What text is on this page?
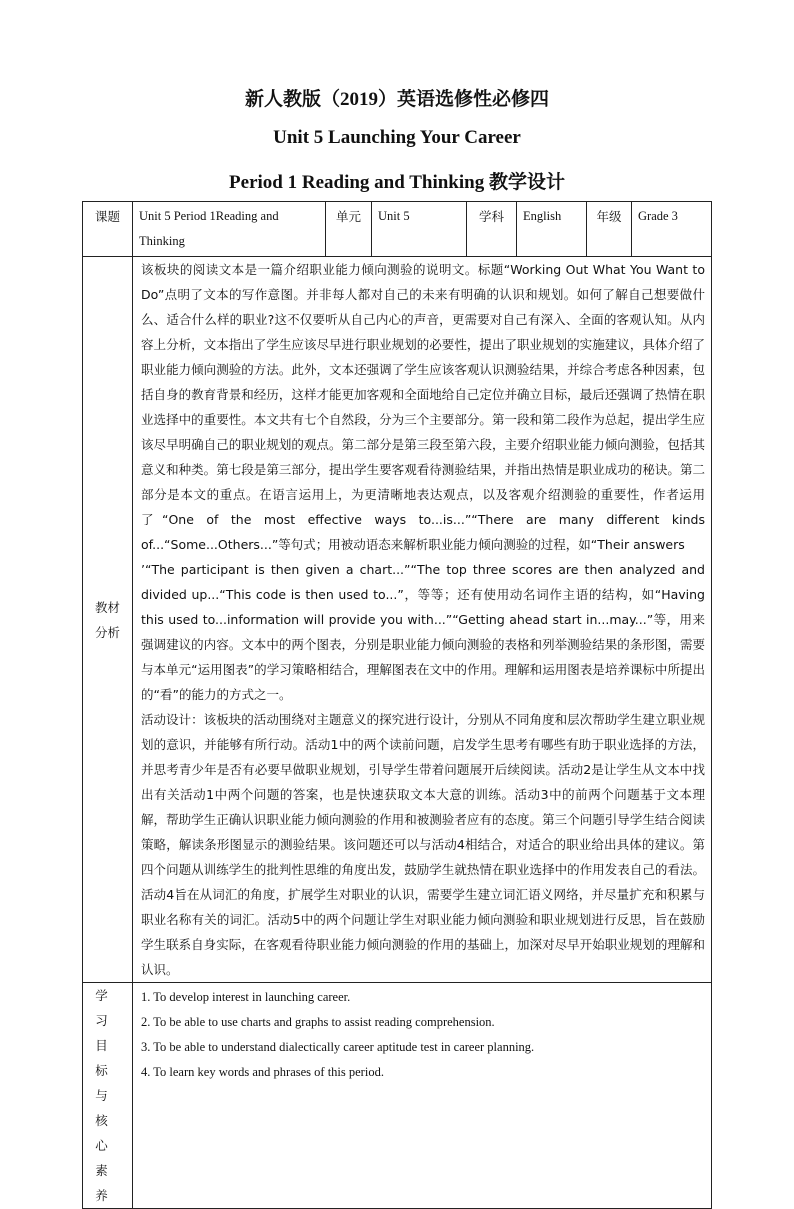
新人教版（2019）英语选修性必修四
Unit 5 Launching Your Career
Period 1 Reading and Thinking 教学设计
课题	Unit 5 Period 1Reading and Thinking	单元	Unit 5	学科	English	年级	Grade 3

教材分析	该板块的阅读文本是一篇介绍职业能力倾向测验的说明文。标题“Working Out What You Want to Do”点明了文本的写作意图。并非每人都对自己的未来有明确的认识和规划。如何了解自己想要做什么、适合什么样的职业?这不仅要听从自己内心的声音，更需要对自己有深入、全面的客观认知。从内容上分析，文本指出了学生应该尽早进行职业规划的必要性，提出了职业规划的实施建议，具体介绍了职业能力倾向测验的方法。此外，文本还强调了学生应该客观认识测验结果，并综合考虑各种因素，包括自身的教育背景和经历，这样才能更加客观和全面地给自己定位并确立目标，最后还强调了热情在职业选择中的重要性。本文共有七个自然段，分为三个主要部分。第一段和第二段作为总起，提出学生应该尽早明确自己的职业规划的观点。第二部分是第三段至第六段，主要介绍职业能力倾向测验，包括其意义和种类。第七段是第三部分，提出学生要客观看待测验结果，并指出热情是职业成功的秘诀。第二部分是本文的重点。在语言运用上，为更清晰地表达观点，以及客观介绍测验的重要性，作者运用了“One of the most effective ways to...is...”“There are many different kinds of...“Some...Others...”等句式；用被动语态来解析职业能力倾向测验的过程，如“Their answers

’“The participant is then given a chart...”“The top three scores are then analyzed and divided up...“This code is then used to...”，等等；还有使用动名词作主语的结构，如“Having this used to...information will provide you with...”“Getting ahead start in...may...”等，用来强调建议的内容。文本中的两个图表，分别是职业能力倾向测验的表格和列举测验结果的条形图，需要与本单元“运用图表”的学习策略相结合，理解图表在文中的作用。理解和运用图表是培养课标中所提出的“看”的能力的方式之一。

活动设计：该板块的活动围绕对主题意义的探究进行设计，分别从不同角度和层次帮助学生建立职业规划的意识，并能够有所行动。活动1中的两个读前问题，启发学生思考有哪些有助于职业选择的方法，并思考青少年是否有必要早做职业规划，引导学生带着问题展开后续阅读。活动2是让学生从文本中找出有关活动1中两个问题的答案，也是快速获取文本大意的训练。活动3中的前两个问题基于文本理解，帮助学生正确认识职业能力倾向测验的作用和被测验者应有的态度。第三个问题引导学生结合阅读策略，解读条形图显示的测验结果。该问题还可以与活动4相结合，对适合的职业给出具体的建议。第四个问题从训练学生的批判性思维的角度出发，鼓励学生就热情在职业选择中的作用发表自己的看法。活动4旨在从词汇的角度，扩展学生对职业的认识，需要学生建立词汇语义网络，并尽量扩充和积累与职业名称有关的词汇。活动5中的两个问题让学生对职业能力倾向测验和职业规划进行反思，旨在鼓励学生联系自身实际，在客观看待职业能力倾向测验的作用的基础上，加深对尽早开始职业规划的理解和认识。						

学习目标与核心素养	1. To develop interest in launching career.
2. To be able to use charts and graphs to assist reading comprehension.
3. To be able to understand dialectically career aptitude test in career planning.
4. To learn key words and phrases of this period.						
